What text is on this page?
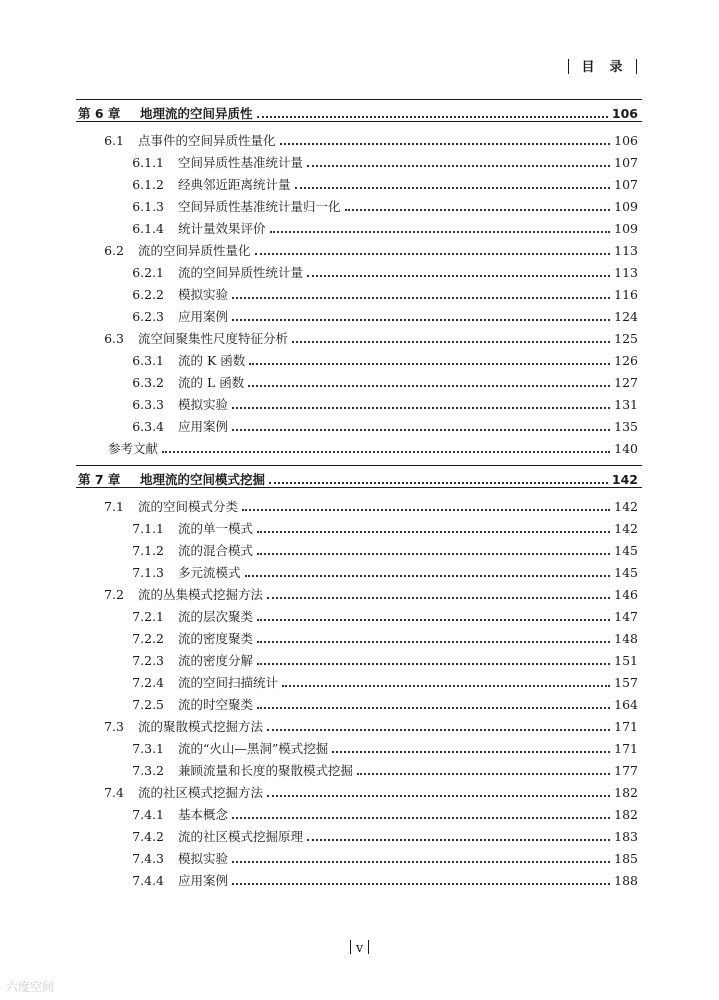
目　录
第 6 章	地理流的空间异质性	106
6.1 点事件的空间异质性量化	106
6.1.1 空间异质性基准统计量	107
6.1.2 经典邻近距离统计量	107
6.1.3 空间异质性基准统计量归一化	109
6.1.4 统计量效果评价	109
6.2 流的空间异质性量化	113
6.2.1 流的空间异质性统计量	113
6.2.2 模拟实验	116
6.2.3 应用案例	124
6.3 流空间聚集性尺度特征分析	125
6.3.1 流的 K 函数	126
6.3.2 流的 L 函数	127
6.3.3 模拟实验	131
6.3.4 应用案例	135
参考文献	140
第 7 章	地理流的空间模式挖掘	142
7.1 流的空间模式分类	142
7.1.1 流的单一模式	142
7.1.2 流的混合模式	145
7.1.3 多元流模式	145
7.2 流的丛集模式挖掘方法	146
7.2.1 流的层次聚类	147
7.2.2 流的密度聚类	148
7.2.3 流的密度分解	151
7.2.4 流的空间扫描统计	157
7.2.5 流的时空聚类	164
7.3 流的聚散模式挖掘方法	171
7.3.1 流的“火山—黑洞”模式挖掘	171
7.3.2 兼顾流量和长度的聚散模式挖掘	177
7.4 流的社区模式挖掘方法	182
7.4.1 基本概念	182
7.4.2 流的社区模式挖掘原理	183
7.4.3 模拟实验	185
7.4.4 应用案例	188
v
六度空间
